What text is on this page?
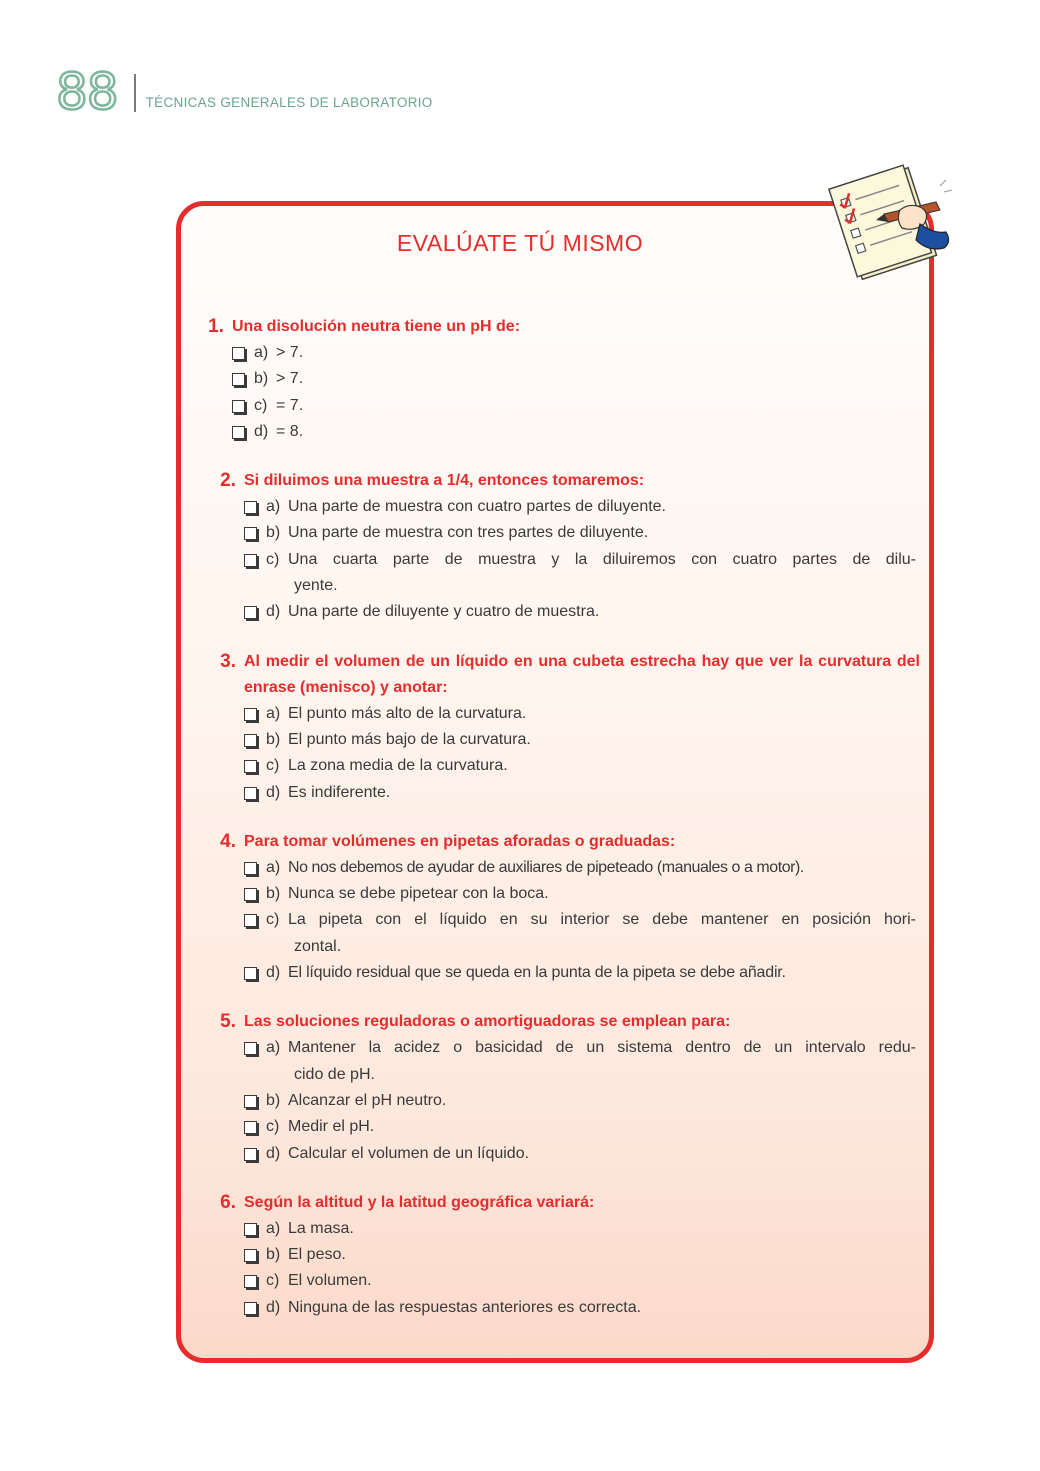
88 TÉCNICAS GENERALES DE LABORATORIO
EVALÚATE TÚ MISMO
1. Una disolución neutra tiene un pH de:
a) > 7.
b) > 7.
c) = 7.
d) = 8.
2. Si diluimos una muestra a 1/4, entonces tomaremos:
a) Una parte de muestra con cuatro partes de diluyente.
b) Una parte de muestra con tres partes de diluyente.
c) Una cuarta parte de muestra y la diluiremos con cuatro partes de dilu-
yente.
d) Una parte de diluyente y cuatro de muestra.
3. Al medir el volumen de un líquido en una cubeta estrecha hay que ver la curvatura del enrase (menisco) y anotar:
a) El punto más alto de la curvatura.
b) El punto más bajo de la curvatura.
c) La zona media de la curvatura.
d) Es indiferente.
4. Para tomar volúmenes en pipetas aforadas o graduadas:
a) No nos debemos de ayudar de auxiliares de pipeteado (manuales o a motor).
b) Nunca se debe pipetear con la boca.
c) La pipeta con el líquido en su interior se debe mantener en posición hori-
zontal.
d) El líquido residual que se queda en la punta de la pipeta se debe añadir.
5. Las soluciones reguladoras o amortiguadoras se emplean para:
a) Mantener la acidez o basicidad de un sistema dentro de un intervalo redu-
cido de pH.
b) Alcanzar el pH neutro.
c) Medir el pH.
d) Calcular el volumen de un líquido.
6. Según la altitud y la latitud geográfica variará:
a) La masa.
b) El peso.
c) El volumen.
d) Ninguna de las respuestas anteriores es correcta.
